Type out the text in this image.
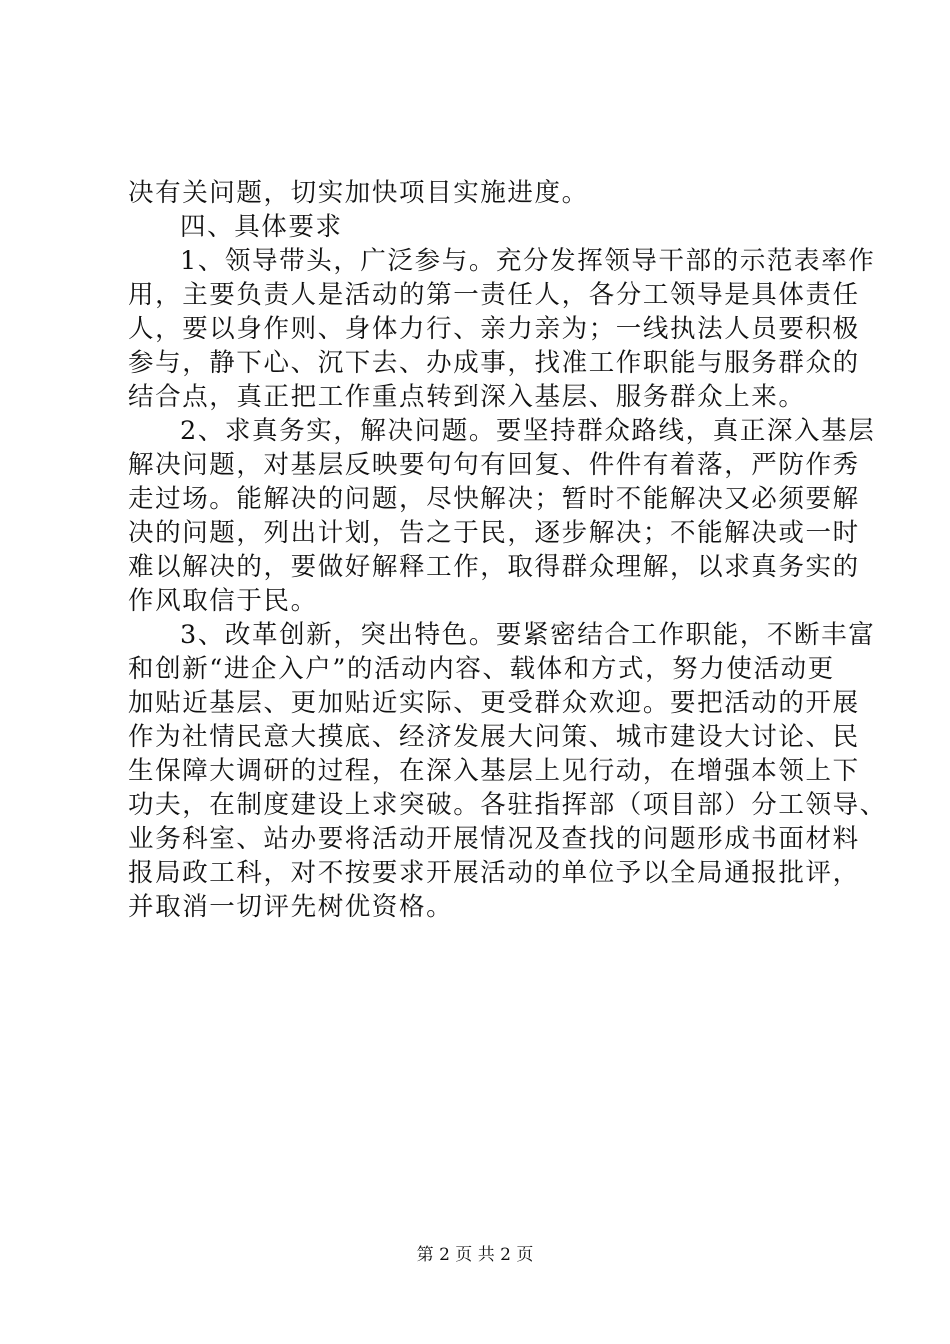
决有关问题，切实加快项目实施进度。
四、具体要求
1、领导带头，广泛参与。充分发挥领导干部的示范表率作
用，主要负责人是活动的第一责任人，各分工领导是具体责任
人，要以身作则、身体力行、亲力亲为；一线执法人员要积极
参与，静下心、沉下去、办成事，找准工作职能与服务群众的
结合点，真正把工作重点转到深入基层、服务群众上来。
2、求真务实，解决问题。要坚持群众路线，真正深入基层
解决问题，对基层反映要句句有回复、件件有着落，严防作秀
走过场。能解决的问题，尽快解决；暂时不能解决又必须要解
决的问题，列出计划，告之于民，逐步解决；不能解决或一时
难以解决的，要做好解释工作，取得群众理解，以求真务实的
作风取信于民。
3、改革创新，突出特色。要紧密结合工作职能，不断丰富
和创新“进企入户”的活动内容、载体和方式，努力使活动更
加贴近基层、更加贴近实际、更受群众欢迎。要把活动的开展
作为社情民意大摸底、经济发展大问策、城市建设大讨论、民
生保障大调研的过程，在深入基层上见行动，在增强本领上下
功夫，在制度建设上求突破。各驻指挥部（项目部）分工领导、
业务科室、站办要将活动开展情况及查找的问题形成书面材料
报局政工科，对不按要求开展活动的单位予以全局通报批评，
并取消一切评先树优资格。
第 2 页 共 2 页
